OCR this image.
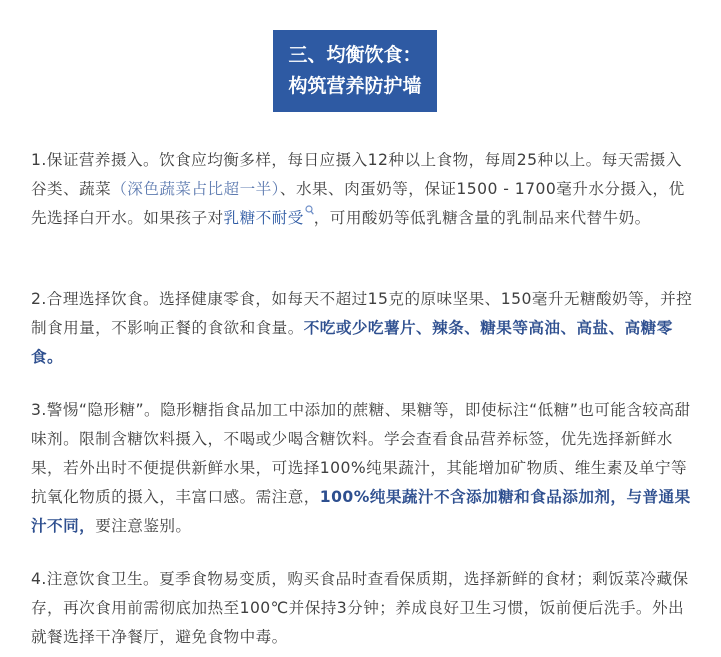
三、均衡饮食：
构筑营养防护墙

1.保证营养摄入。饮食应均衡多样，每日应摄入12种以上食物，每周25种以上。每天需摄入谷类、蔬菜（深色蔬菜占比超一半）、水果、肉蛋奶等，保证1500 - 1700毫升水分摄入，优先选择白开水。如果孩子对乳糖不耐受 ，可用酸奶等低乳糖含量的乳制品来代替牛奶。

2.合理选择饮食。选择健康零食，如每天不超过15克的原味坚果、150毫升无糖酸奶等，并控制食用量，不影响正餐的食欲和食量。不吃或少吃薯片、辣条、糖果等高油、高盐、高糖零食。

3.警惕“隐形糖”。隐形糖指食品加工中添加的蔗糖、果糖等，即使标注“低糖”也可能含较高甜味剂。限制含糖饮料摄入，不喝或少喝含糖饮料。学会查看食品营养标签，优先选择新鲜水果，若外出时不便提供新鲜水果，可选择100%纯果蔬汁，其能增加矿物质、维生素及单宁等抗氧化物质的摄入，丰富口感。需注意，100%纯果蔬汁不含添加糖和食品添加剂，与普通果汁不同，要注意鉴别。

4.注意饮食卫生。夏季食物易变质，购买食品时查看保质期，选择新鲜的食材；剩饭菜冷藏保存，再次食用前需彻底加热至100℃并保持3分钟；养成良好卫生习惯，饭前便后洗手。外出就餐选择干净餐厅，避免食物中毒。
